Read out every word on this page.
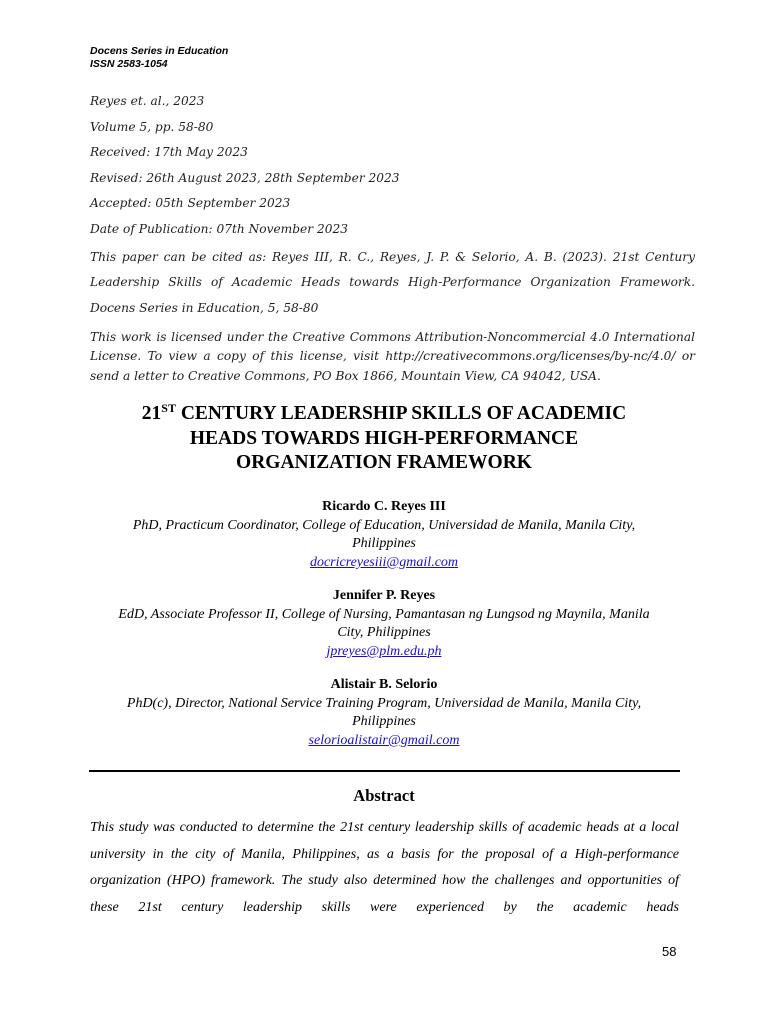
Docens Series in Education
ISSN 2583-1054
Reyes et. al., 2023
Volume 5, pp. 58-80
Received: 17th May 2023
Revised: 26th August 2023, 28th September 2023
Accepted: 05th September 2023
Date of Publication: 07th November 2023
This paper can be cited as: Reyes III, R. C., Reyes, J. P. & Selorio, A. B. (2023). 21st Century Leadership Skills of Academic Heads towards High-Performance Organization Framework. Docens Series in Education, 5, 58-80
This work is licensed under the Creative Commons Attribution-Noncommercial 4.0 International License. To view a copy of this license, visit http://creativecommons.org/licenses/by-nc/4.0/ or send a letter to Creative Commons, PO Box 1866, Mountain View, CA 94042, USA.
21ST CENTURY LEADERSHIP SKILLS OF ACADEMIC
HEADS TOWARDS HIGH-PERFORMANCE
ORGANIZATION FRAMEWORK
Ricardo C. Reyes III
PhD, Practicum Coordinator, College of Education, Universidad de Manila, Manila City,
Philippines
docricreyesiii@gmail.com
Jennifer P. Reyes
EdD, Associate Professor II, College of Nursing, Pamantasan ng Lungsod ng Maynila, Manila
City, Philippines
jpreyes@plm.edu.ph
Alistair B. Selorio
PhD(c), Director, National Service Training Program, Universidad de Manila, Manila City,
Philippines
selorioalistair@gmail.com
Abstract
This study was conducted to determine the 21st century leadership skills of academic heads at a local university in the city of Manila, Philippines, as a basis for the proposal of a High-performance organization (HPO) framework. The study also determined how the challenges and opportunities of these 21st century leadership skills were experienced by the academic heads
58
